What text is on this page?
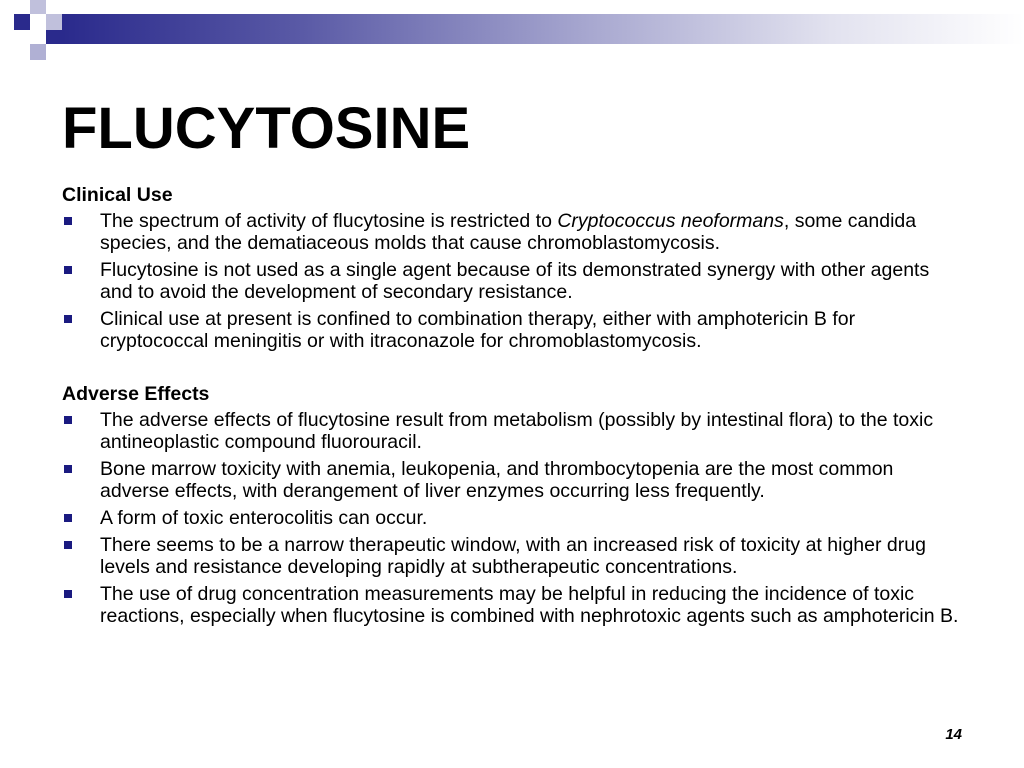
FLUCYTOSINE
Clinical Use
The spectrum of activity of flucytosine is restricted to Cryptococcus neoformans, some candida species, and the dematiaceous molds that cause chromoblastomycosis.
Flucytosine is not used as a single agent because of its demonstrated synergy with other agents and to avoid the development of secondary resistance.
Clinical use at present is confined to combination therapy, either with amphotericin B for cryptococcal meningitis or with itraconazole for chromoblastomycosis.
Adverse Effects
The adverse effects of flucytosine result from metabolism (possibly by intestinal flora) to the toxic antineoplastic compound fluorouracil.
Bone marrow toxicity with anemia, leukopenia, and thrombocytopenia are the most common adverse effects, with derangement of liver enzymes occurring less frequently.
A form of toxic enterocolitis can occur.
There seems to be a narrow therapeutic window, with an increased risk of toxicity at higher drug levels and resistance developing rapidly at subtherapeutic concentrations.
The use of drug concentration measurements may be helpful in reducing the incidence of toxic reactions, especially when flucytosine is combined with nephrotoxic agents such as amphotericin B.
14
